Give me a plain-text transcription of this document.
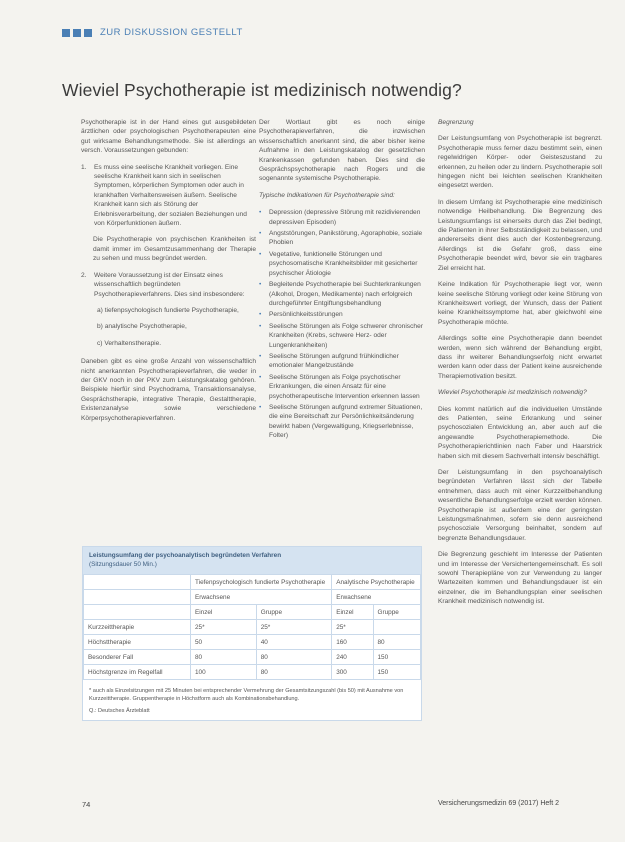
ZUR DISKUSSION GESTELLT
Wieviel Psychotherapie ist medizinisch notwendig?

Psychotherapie ist in der Hand eines gut ausgebildeten ärztlichen oder psychologischen Psychotherapeuten eine gut wirksame Behandlungsmethode. Sie ist allerdings an versch. Voraussetzungen gebunden:

1.	Es muss eine seelische Krankheit vorliegen. Eine seelische Krankheit kann sich in seelischen Symptomen, körperlichen Symptomen oder auch in krankhaften Verhaltensweisen äußern. Seelische Krankheit kann sich als Störung der Erlebnisverarbeitung, der sozialen Beziehungen und von Körperfunktionen äußern.

Die Psychotherapie von psychischen Krankheiten ist damit immer im Gesamtzusammenhang der Therapie zu sehen und muss begründet werden.

2.	Weitere Voraussetzung ist der Einsatz eines wissenschaftlich begründeten Psychotherapieverfahrens. Dies sind insbesondere:

a) tiefenpsychologisch fundierte Psychotherapie,

b) analytische Psychotherapie,

c) Verhaltenstherapie.

Daneben gibt es eine große Anzahl von wissenschaftlich nicht anerkannten Psychotherapieverfahren, die weder in der GKV noch in der PKV zum Leistungskatalog gehören. Beispiele hierfür sind Psychodrama, Transaktionsanalyse, Gesprächstherapie, integrative Therapie, Gestalttherapie, Existenzanalyse sowie verschiedene Körperpsychotherapieverfahren.

Der Wortlaut gibt es noch einige Psychotherapieverfahren, die inzwischen wissenschaftlich anerkannt sind, die aber bisher keine Aufnahme in den Leistungskatalog der gesetzlichen Krankenkassen gefunden haben. Dies sind die Gesprächspsychotherapie nach Rogers und die sogenannte systemische Psychotherapie.

Typische Indikationen für Psychotherapie sind:
•	Depression (depressive Störung mit rezidivierenden depressiven Episoden)
•	Angststörungen, Panikstörung, Agoraphobie, soziale Phobien
•	Vegetative, funktionelle Störungen und psychosomatische Krankheitsbilder mit gesicherter psychischer Ätiologie
•	Begleitende Psychotherapie bei Suchterkrankungen (Alkohol, Drogen, Medikamente) nach erfolgreich durchgeführter Entgiftungsbehandlung
•	Persönlichkeitsstörungen
•	Seelische Störungen als Folge schwerer chronischer Krankheiten (Krebs, schwere Herz- oder Lungenkrankheiten)
•	Seelische Störungen aufgrund frühkindlicher emotionaler Mangelzustände
•	Seelische Störungen als Folge psychotischer Erkrankungen, die einen Ansatz für eine psychotherapeutische Intervention erkennen lassen
•	Seelische Störungen aufgrund extremer Situationen, die eine Bereitschaft zur Persönlichkeitsänderung bewirkt haben (Vergewaltigung, Kriegserlebnisse, Folter)

Begrenzung

Der Leistungsumfang von Psychotherapie ist begrenzt. Psychotherapie muss ferner dazu bestimmt sein, einen regelwidrigen Körper- oder Geisteszustand zu erkennen, zu heilen oder zu lindern. Psychotherapie soll hingegen nicht bei leichten seelischen Krankheiten eingesetzt werden.

In diesem Umfang ist Psychotherapie eine medizinisch notwendige Heilbehandlung. Die Begrenzung des Leistungsumfangs ist einerseits durch das Ziel bedingt, die Patienten in ihrer Selbstständigkeit zu belassen, und andererseits dient dies auch der Kostenbegrenzung. Allerdings ist die Gefahr groß, dass eine Psychotherapie beendet wird, bevor sie ein tragbares Ziel erreicht hat.

Keine Indikation für Psychotherapie liegt vor, wenn keine seelische Störung vorliegt oder keine Störung von Krankheitswert vorliegt, der Wunsch, dass der Patient keine Krankheitssymptome hat, aber gleichwohl eine Psychotherapie möchte.

Allerdings sollte eine Psychotherapie dann beendet werden, wenn sich während der Behandlung ergibt, dass ihr weiterer Behandlungserfolg nicht erwartet werden kann oder dass der Patient keine ausreichende Therapiemotivation besitzt.

Wieviel Psychotherapie ist medizinisch notwendig?

Dies kommt natürlich auf die individuellen Umstände des Patienten, seine Erkrankung und seiner psychosozialen Entwicklung an, aber auch auf die angewandte Psychotherapiemethode. Die Psychotherapierichtlinien nach Faber und Haarstrick haben sich mit diesem Sachverhalt intensiv beschäftigt.

Der Leistungsumfang in den psychoanalytisch begründeten Verfahren lässt sich der Tabelle entnehmen, dass auch mit einer Kurzzeitbehandlung wesentliche Behandlungserfolge erzielt werden können. Psychotherapie ist außerdem eine der geringsten Leistungsmaßnahmen, sofern sie denn ausreichend psychosoziale Versorgung beinhaltet, sondern auf begrenzte Behandlungsdauer.

Die Begrenzung geschieht im Interesse der Patienten und im Interesse der Versichertengemeinschaft. Es soll sowohl Therapiepläne von zur Verwendung zu langer Wartezeiten kommen und Behandlungsdauer ist ein einzelner, die im Behandlungsplan einer seelischen Krankheit medizinisch notwendig ist.

Leistungsumfang der psychoanalytisch begründeten Verfahren
(Sitzungsdauer 50 Min.)
	Tiefenpsychologisch fundierte Psychotherapie		Analytische Psychotherapie	
	Erwachsene		Erwachsene	
	Einzel	Gruppe	Einzel	Gruppe
Kurzzeittherapie	25*	25*	25*	
Höchsttherapie	50	40	160	80
Besonderer Fall	80	80	240	150
Höchstgrenze im Regelfall	100	80	300	150
* auch als Einzelsitzungen mit 25 Minuten bei entsprechender Vermehrung der Gesamtsitzungszahl (bis 50) mit Ausnahme von Kurzzeittherapie. Gruppentherapie in Höchstform auch als Kombinationsbehandlung.
Q.: Deutsches Ärzteblatt
74	Versicherungsmedizin 69 (2017) Heft 2
